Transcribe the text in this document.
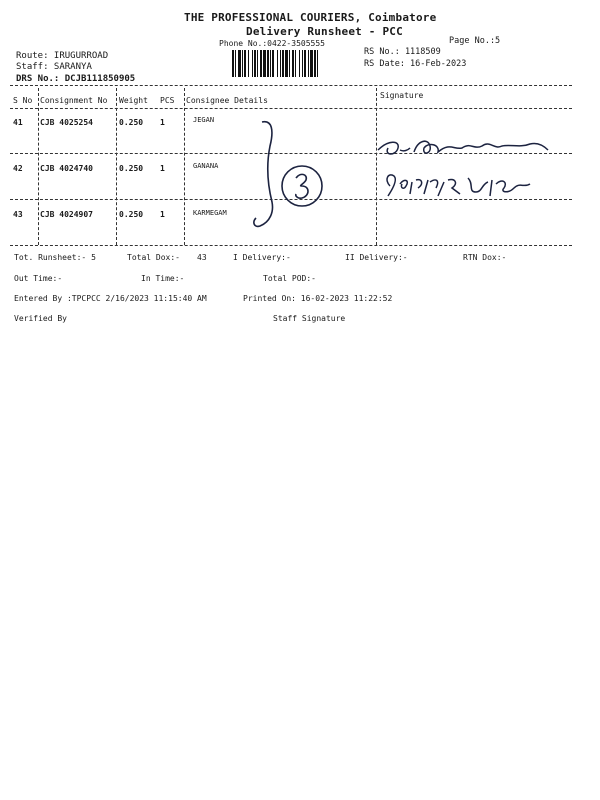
THE PROFESSIONAL COURIERS, Coimbatore
Delivery Runsheet - PCC
Phone No.:0422-3505555	Page No.:5
Route: IRUGURROAD
Staff: SARANYA
DRS No.: DCJB111850905
RS No.: 1118509
RS Date: 16-Feb-2023
S No Consignment No Weight PCS Consignee Details
Signature
41 CJB 4025254	0.250 1	JEGAN
42 CJB 4024740	0.250 1	GANANA
43 CJB 4024907	0.250 1	KARMEGAM
Tot. Runsheet:- 5	Total Dox:- 43	I Delivery:-	II Delivery:-	RTN Dox:-
Out Time:-	In Time:-	Total POD:-
Entered By :TPCPCC 2/16/2023 11:15:40 AM	Printed On: 16-02-2023 11:22:52
Verified By	Staff Signature
